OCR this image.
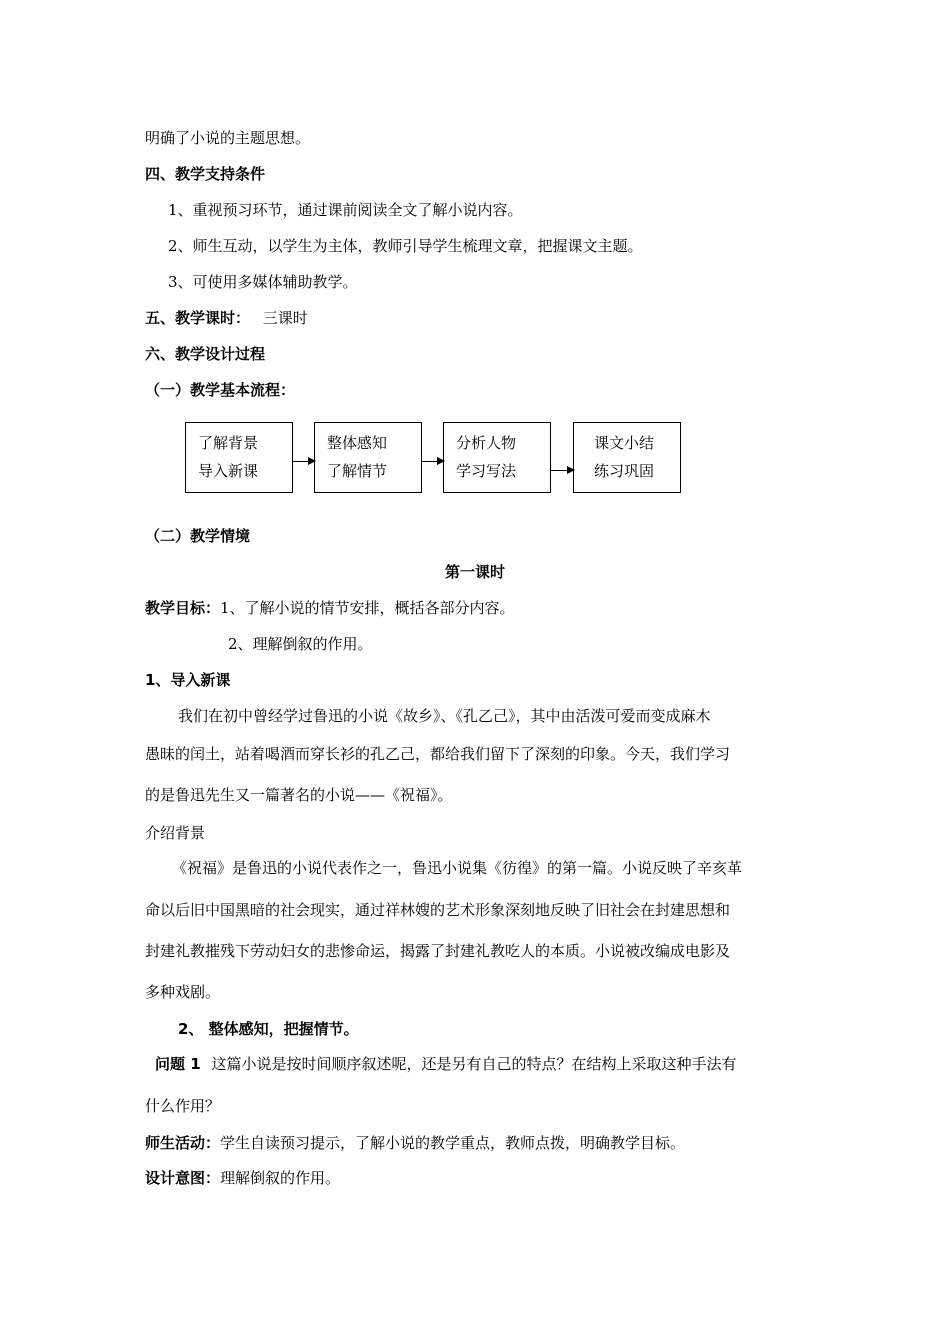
明确了小说的主题思想。
四、教学支持条件
1、重视预习环节，通过课前阅读全文了解小说内容。
2、师生互动，以学生为主体，教师引导学生梳理文章，把握课文主题。
3、可使用多媒体辅助教学。
五、教学课时： 三课时
六、教学设计过程
（一）教学基本流程：
了解背景
导入新课
整体感知
了解情节
分析人物
学习写法
课文小结
练习巩固
（二）教学情境
第一课时
教学目标：1、了解小说的情节安排，概括各部分内容。
2、理解倒叙的作用。
1、导入新课
我们在初中曾经学过鲁迅的小说《故乡》、《孔乙己》，其中由活泼可爱而变成麻木
愚昧的闰土，站着喝酒而穿长衫的孔乙己，都给我们留下了深刻的印象。今天，我们学习
的是鲁迅先生又一篇著名的小说——《祝福》。
介绍背景
《祝福》是鲁迅的小说代表作之一，鲁迅小说集《彷徨》的第一篇。小说反映了辛亥革
命以后旧中国黑暗的社会现实，通过祥林嫂的艺术形象深刻地反映了旧社会在封建思想和
封建礼教摧残下劳动妇女的悲惨命运，揭露了封建礼教吃人的本质。小说被改编成电影及
多种戏剧。
2、 整体感知，把握情节。
问题 1 这篇小说是按时间顺序叙述呢，还是另有自己的特点？在结构上采取这种手法有
什么作用？
师生活动：学生自读预习提示，了解小说的教学重点，教师点拨，明确教学目标。
设计意图：理解倒叙的作用。
